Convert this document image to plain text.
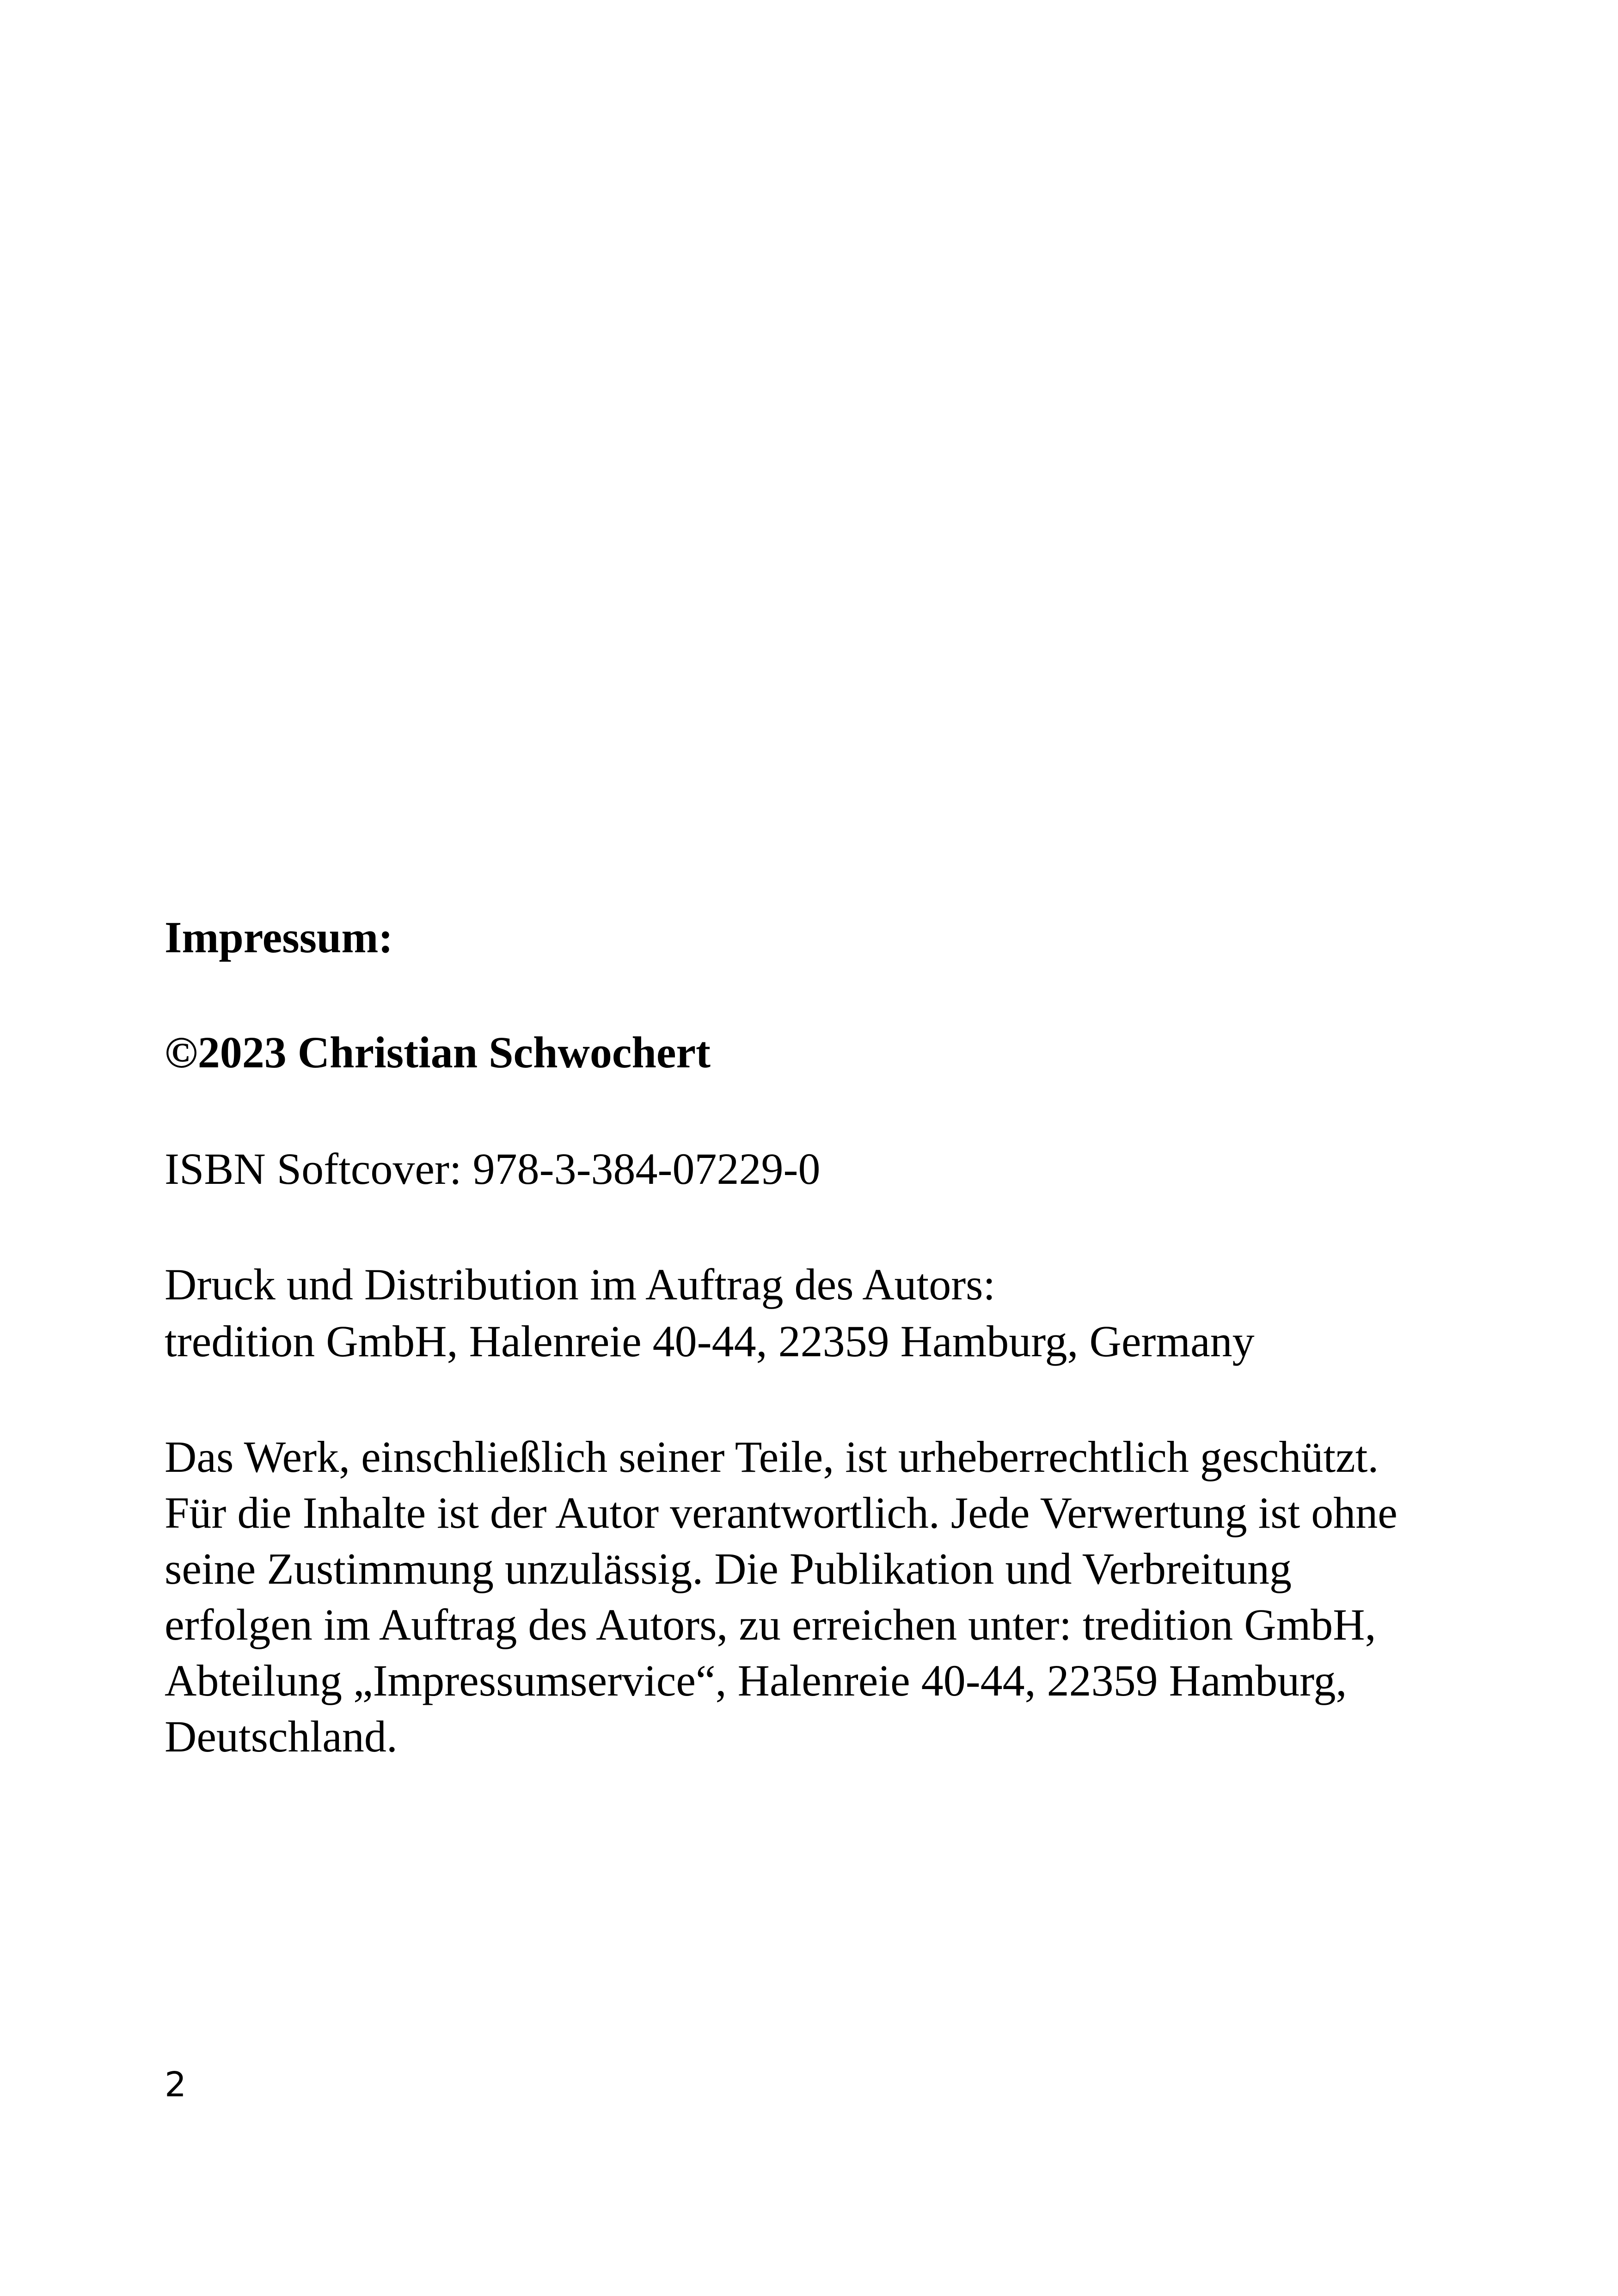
Impressum:

©2023 Christian Schwochert

ISBN Softcover: 978-3-384-07229-0

Druck und Distribution im Auftrag des Autors:
tredition GmbH, Halenreie 40-44, 22359 Hamburg, Germany
Das Werk, einschließlich seiner Teile, ist urheberrechtlich geschützt.
Für die Inhalte ist der Autor verantwortlich. Jede Verwertung ist ohne
seine Zustimmung unzulässig. Die Publikation und Verbreitung
erfolgen im Auftrag des Autors, zu erreichen unter: tredition GmbH,
Abteilung „Impressumservice“, Halenreie 40-44, 22359 Hamburg,
Deutschland.
2
